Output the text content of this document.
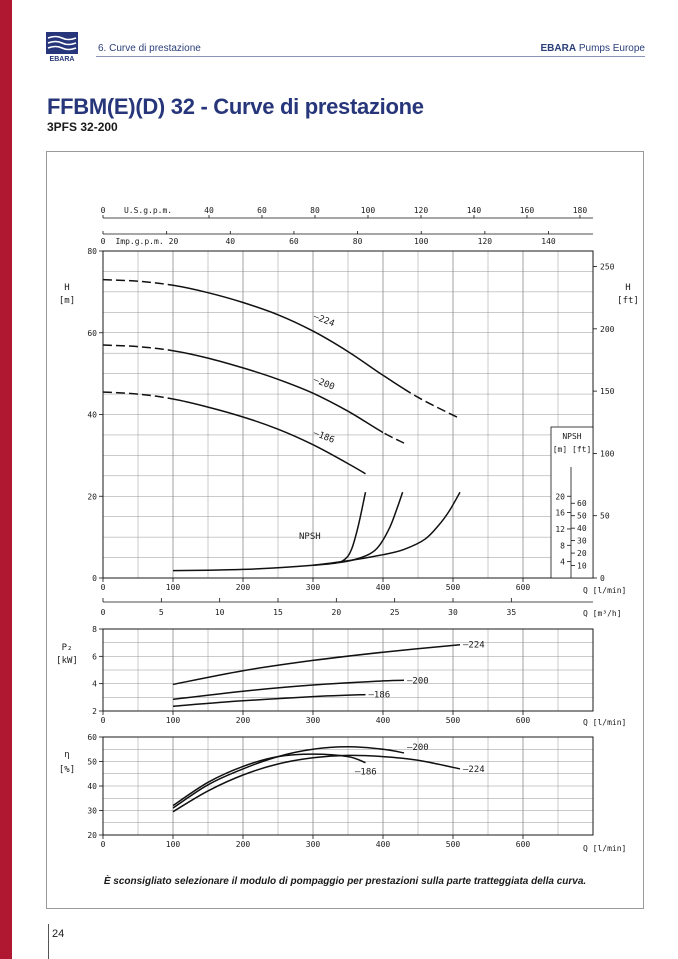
EBARA
6. Curve di prestazione	EBARA Pumps Europe
FFBM(E)(D) 32 - Curve di prestazione
3PFS 32-200
0
20
40
60
80
0	100	200	300	400	500	600	Q [l/min]
H
[m]
0
50
100
150
200
250
H
[ft]
0	40	60	80	100	120	140	160	180
U.S.g.p.m.
0	40	60	80	100	120	140
Imp.g.p.m. 20
0	5	10	15	20	25	30	35	Q [m³/h]
NPSH
[m] [ft]
4
8
12
16
20
10
20
30
40
50
60
–224
–200
–186
NPSH
2
4
6
8
0	100	200	300	400	500	600	Q [l/min]
P₂
[kW]
–224
–200
–186
20
30
40
50
60
0	100	200	300	400	500	600	Q [l/min]
η
[%]
–200
–224
–186
È sconsigliato selezionare il modulo di pompaggio per prestazioni sulla parte tratteggiata della curva.
24
